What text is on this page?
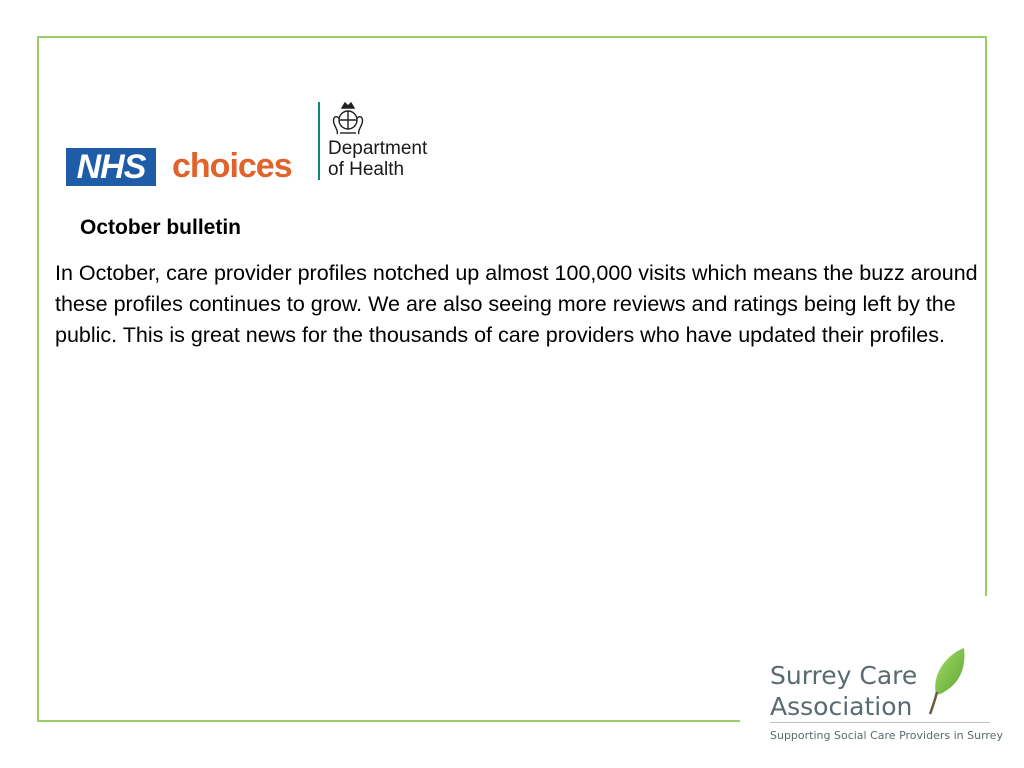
NHS choices Department
of Health
October bulletin

In October, care provider profiles notched up almost 100,000 visits which means the buzz around these profiles continues to grow. We are also seeing more reviews and ratings being left by the public. This is great news for the thousands of care providers who have updated their profiles.

Surrey Care
Association
Supporting Social Care Providers in Surrey
